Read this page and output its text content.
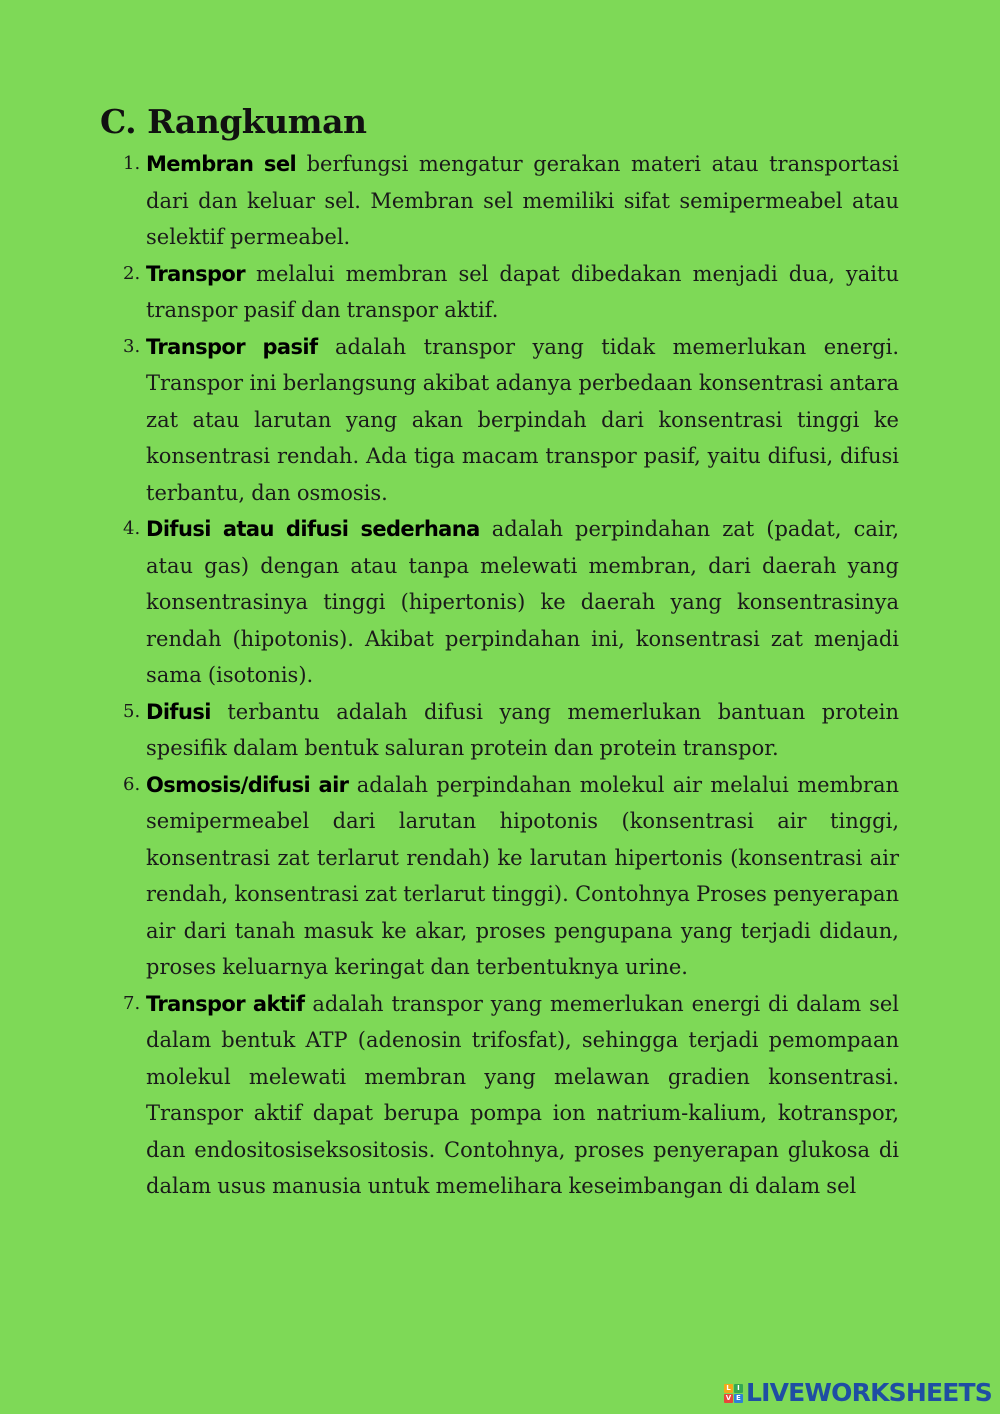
C. Rangkuman
1. Membran sel berfungsi mengatur gerakan materi atau transportasi dari dan keluar sel. Membran sel memiliki sifat semipermeabel atau selektif permeabel.

2. Transpor melalui membran sel dapat dibedakan menjadi dua, yaitu transpor pasif dan transpor aktif.

3. Transpor pasif adalah transpor yang tidak memerlukan energi. Transpor ini berlangsung akibat adanya perbedaan konsentrasi antara zat atau larutan yang akan berpindah dari konsentrasi tinggi ke konsentrasi rendah. Ada tiga macam transpor pasif, yaitu difusi, difusi terbantu, dan osmosis.

4. Difusi atau difusi sederhana adalah perpindahan zat (padat, cair, atau gas) dengan atau tanpa melewati membran, dari daerah yang konsentrasinya tinggi (hipertonis) ke daerah yang konsentrasinya rendah (hipotonis). Akibat perpindahan ini, konsentrasi zat menjadi sama (isotonis).

5. Difusi terbantu adalah difusi yang memerlukan bantuan protein spesifik dalam bentuk saluran protein dan protein transpor.

6. Osmosis/difusi air adalah perpindahan molekul air melalui membran semipermeabel dari larutan hipotonis (konsentrasi air tinggi, konsentrasi zat terlarut rendah) ke larutan hipertonis (konsentrasi air rendah, konsentrasi zat terlarut tinggi). Contohnya Proses penyerapan air dari tanah masuk ke akar, proses pengupana yang terjadi didaun, proses keluarnya keringat dan terbentuknya urine.

7. Transpor aktif adalah transpor yang memerlukan energi di dalam sel dalam bentuk ATP (adenosin trifosfat), sehingga terjadi pemompaan molekul melewati membran yang melawan gradien konsentrasi. Transpor aktif dapat berupa pompa ion natrium-kalium, kotranspor, dan endositosiseksositosis. Contohnya, proses penyerapan glukosa di dalam usus manusia untuk memelihara keseimbangan di dalam sel

L I
V E LIVEWORKSHEETS
